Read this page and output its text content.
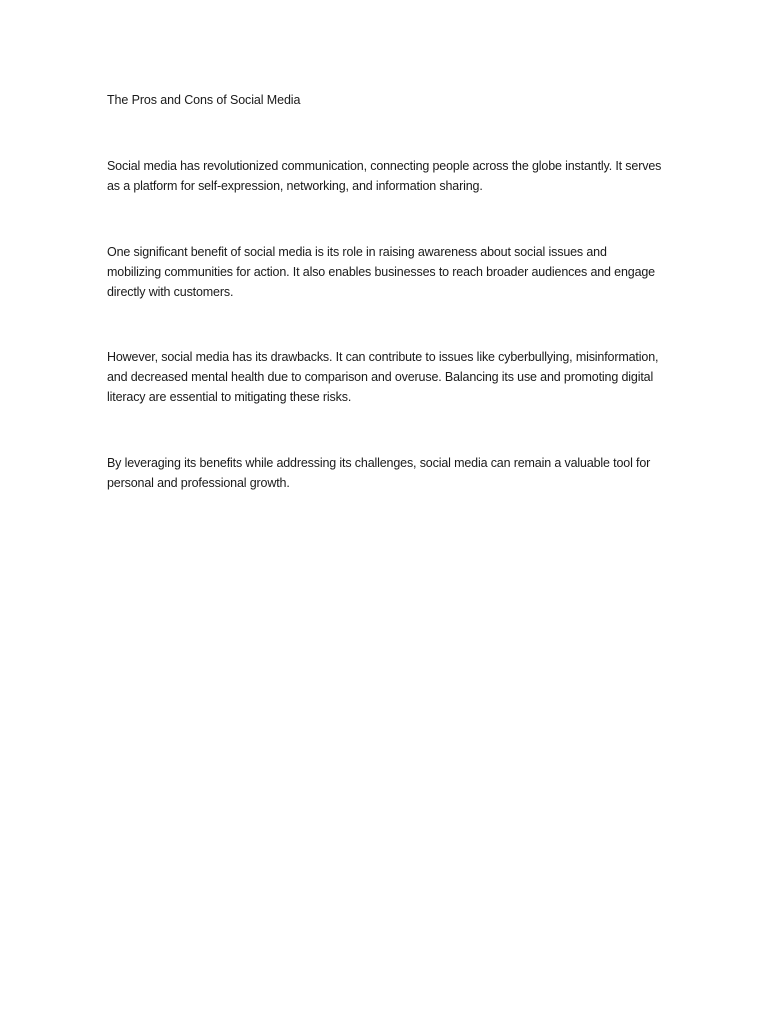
The Pros and Cons of Social Media

Social media has revolutionized communication, connecting people across the globe instantly. It serves as a platform for self-expression, networking, and information sharing.

One significant benefit of social media is its role in raising awareness about social issues and mobilizing communities for action. It also enables businesses to reach broader audiences and engage directly with customers.

However, social media has its drawbacks. It can contribute to issues like cyberbullying, misinformation, and decreased mental health due to comparison and overuse. Balancing its use and promoting digital literacy are essential to mitigating these risks.

By leveraging its benefits while addressing its challenges, social media can remain a valuable tool for personal and professional growth.
